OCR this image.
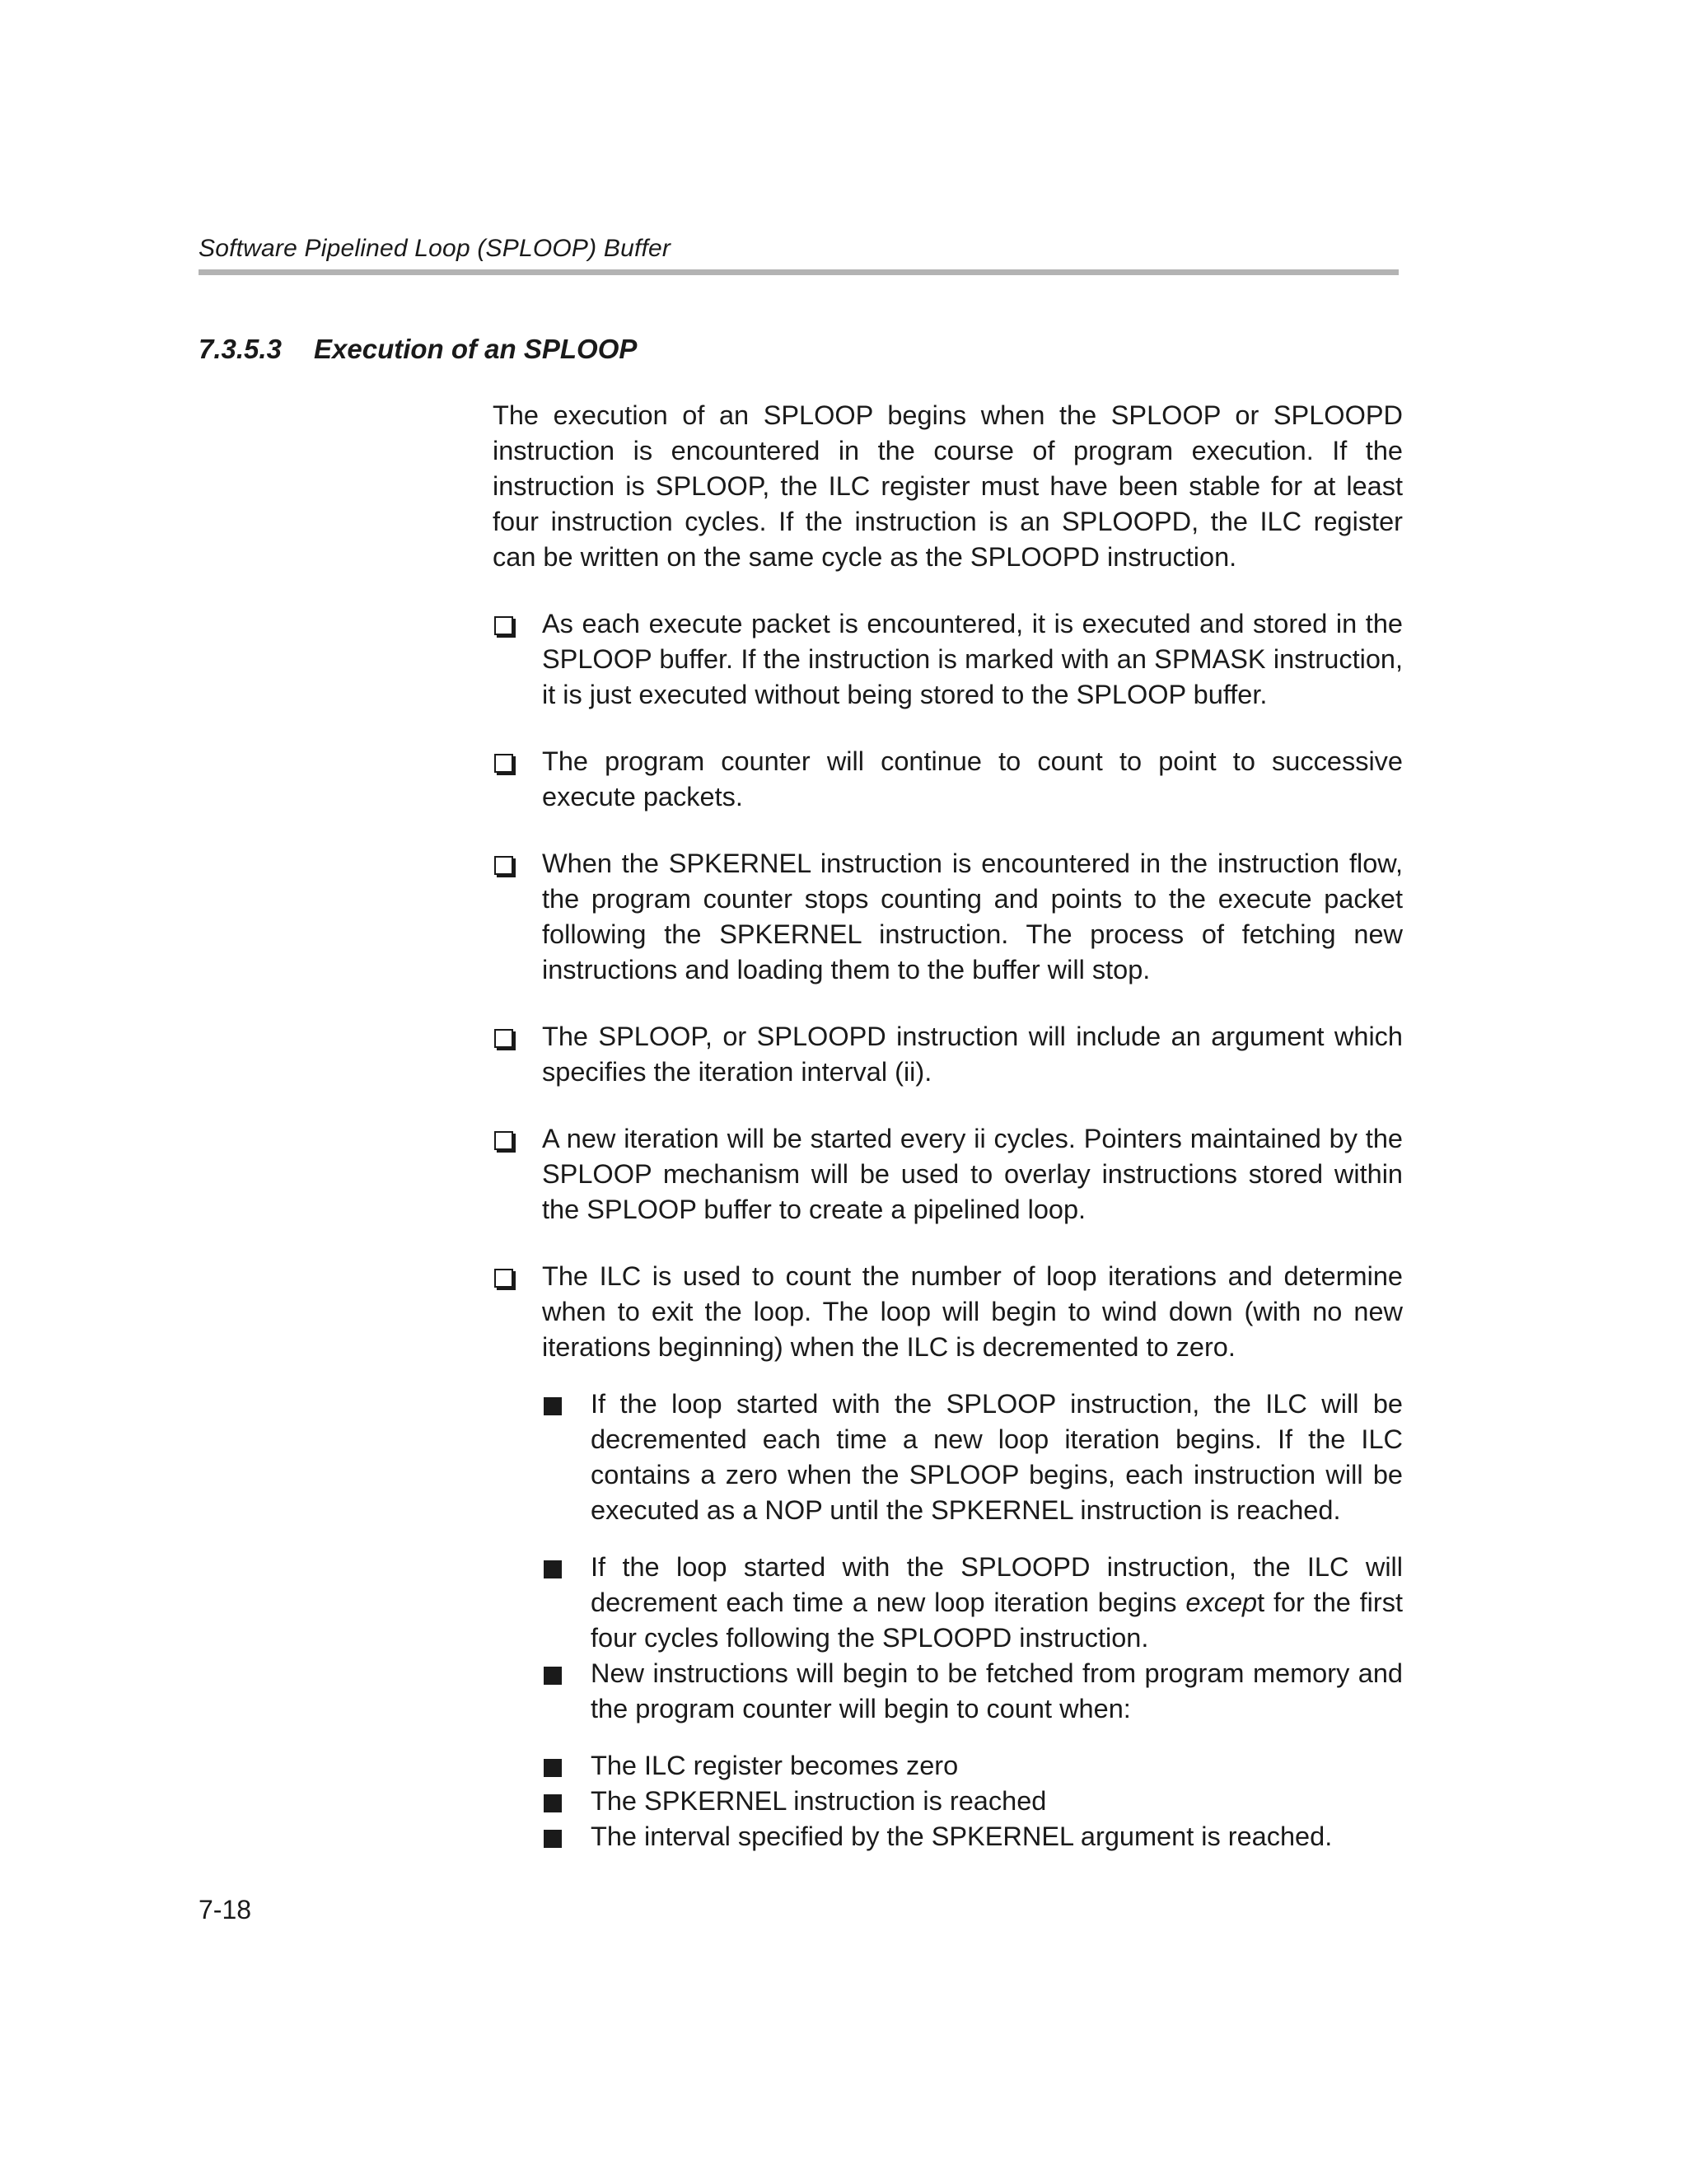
Software Pipelined Loop (SPLOOP) Buffer
7.3.5.3 Execution of an SPLOOP

The execution of an SPLOOP begins when the SPLOOP or SPLOOPD instruction is encountered in the course of program execution. If the instruction is SPLOOP, the ILC register must have been stable for at least four instruction cycles. If the instruction is an SPLOOPD, the ILC register can be written on the same cycle as the SPLOOPD instruction.

As each execute packet is encountered, it is executed and stored in the SPLOOP buffer. If the instruction is marked with an SPMASK instruction, it is just executed without being stored to the SPLOOP buffer.
The program counter will continue to count to point to successive execute packets.
When the SPKERNEL instruction is encountered in the instruction flow, the program counter stops counting and points to the execute packet following the SPKERNEL instruction. The process of fetching new instructions and loading them to the buffer will stop.
The SPLOOP, or SPLOOPD instruction will include an argument which specifies the iteration interval (ii).
A new iteration will be started every ii cycles. Pointers maintained by the SPLOOP mechanism will be used to overlay instructions stored within the SPLOOP buffer to create a pipelined loop.
The ILC is used to count the number of loop iterations and determine when to exit the loop. The loop will begin to wind down (with no new iterations beginning) when the ILC is decremented to zero.
If the loop started with the SPLOOP instruction, the ILC will be decremented each time a new loop iteration begins. If the ILC contains a zero when the SPLOOP begins, each instruction will be executed as a NOP until the SPKERNEL instruction is reached.
If the loop started with the SPLOOPD instruction, the ILC will decrement each time a new loop iteration begins except for the first four cycles following the SPLOOPD instruction.
New instructions will begin to be fetched from program memory and the program counter will begin to count when:
The ILC register becomes zero
The SPKERNEL instruction is reached
The interval specified by the SPKERNEL argument is reached.
7-18
